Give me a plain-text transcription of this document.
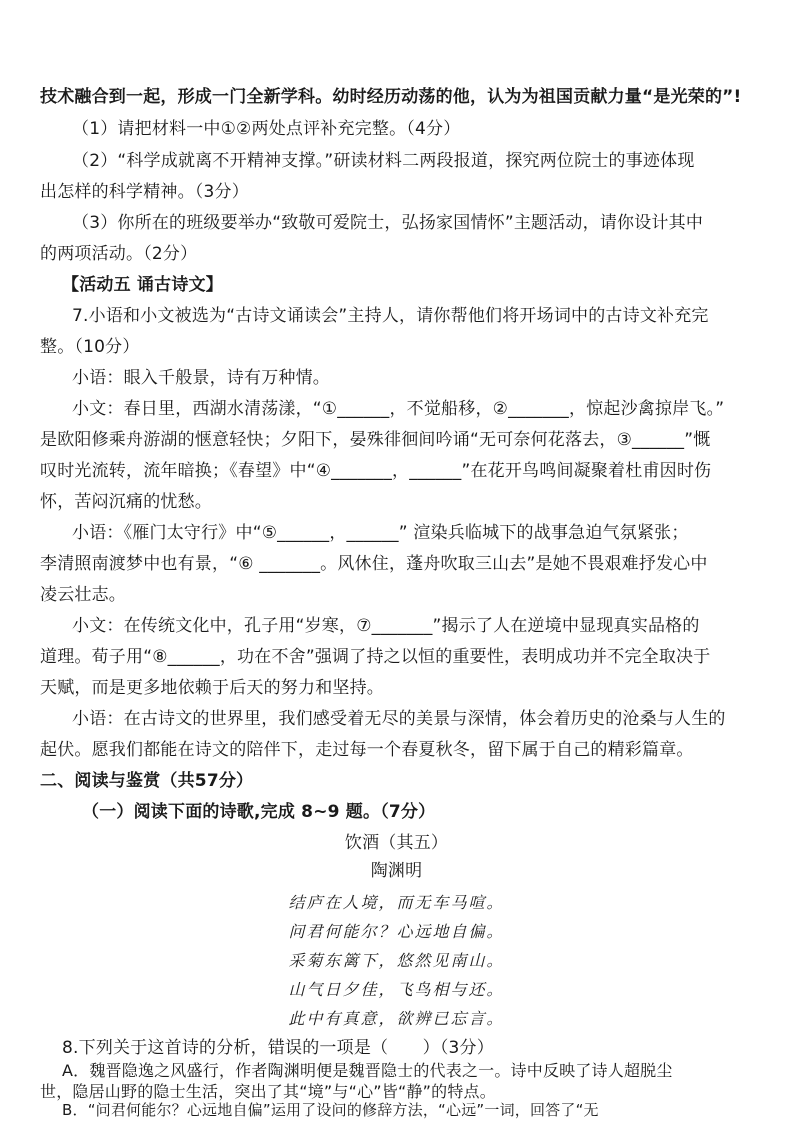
技术融合到一起，形成一门全新学科。幼时经历动荡的他，认为为祖国贡献力量“是光荣的”!
（1）请把材料一中①②两处点评补充完整。（4分）
（2）“科学成就离不开精神支撑。”研读材料二两段报道，探究两位院士的事迹体现
出怎样的科学精神。（3分）
（3）你所在的班级要举办“致敬可爱院士，弘扬家国情怀”主题活动，请你设计其中
的两项活动。（2分）
【活动五 诵古诗文】
7.小语和小文被选为“古诗文诵读会”主持人，请你帮他们将开场词中的古诗文补充完
整。（10分）
小语：眼入千般景，诗有万种情。
小文：春日里，西湖水清荡漾，“①______，不觉船移，②_______，惊起沙禽掠岸飞。”
是欧阳修乘舟游湖的惬意轻快；夕阳下，晏殊徘徊间吟诵“无可奈何花落去，③______”慨
叹时光流转，流年暗换；《春望》中“④_______，______”在花开鸟鸣间凝聚着杜甫因时伤
怀，苦闷沉痛的忧愁。
小语：《雁门太守行》中“⑤______，______” 渲染兵临城下的战事急迫气氛紧张；
李清照南渡梦中也有景，“⑥ _______。风休住，蓬舟吹取三山去”是她不畏艰难抒发心中
凌云壮志。
小文：在传统文化中，孔子用“岁寒，⑦_______”揭示了人在逆境中显现真实品格的
道理。荀子用“⑧______，功在不舍”强调了持之以恒的重要性，表明成功并不完全取决于
天赋，而是更多地依赖于后天的努力和坚持。
小语：在古诗文的世界里，我们感受着无尽的美景与深情，体会着历史的沧桑与人生的
起伏。愿我们都能在诗文的陪伴下，走过每一个春夏秋冬，留下属于自己的精彩篇章。
二、阅读与鉴赏（共57分）
（一）阅读下面的诗歌,完成 8~9 题。（7分）
饮酒（其五）
陶渊明
结庐在人境，而无车马喧。
问君何能尔？心远地自偏。
采菊东篱下，悠然见南山。
山气日夕佳，飞鸟相与还。
此中有真意，欲辨已忘言。
8.下列关于这首诗的分析，错误的一项是（　　）（3分）
A．魏晋隐逸之风盛行，作者陶渊明便是魏晋隐士的代表之一。诗中反映了诗人超脱尘
世，隐居山野的隐士生活，突出了其“境”与“心”皆“静”的特点。
B．“问君何能尔？心远地自偏”运用了设问的修辞方法，“心远”一词，回答了“无
